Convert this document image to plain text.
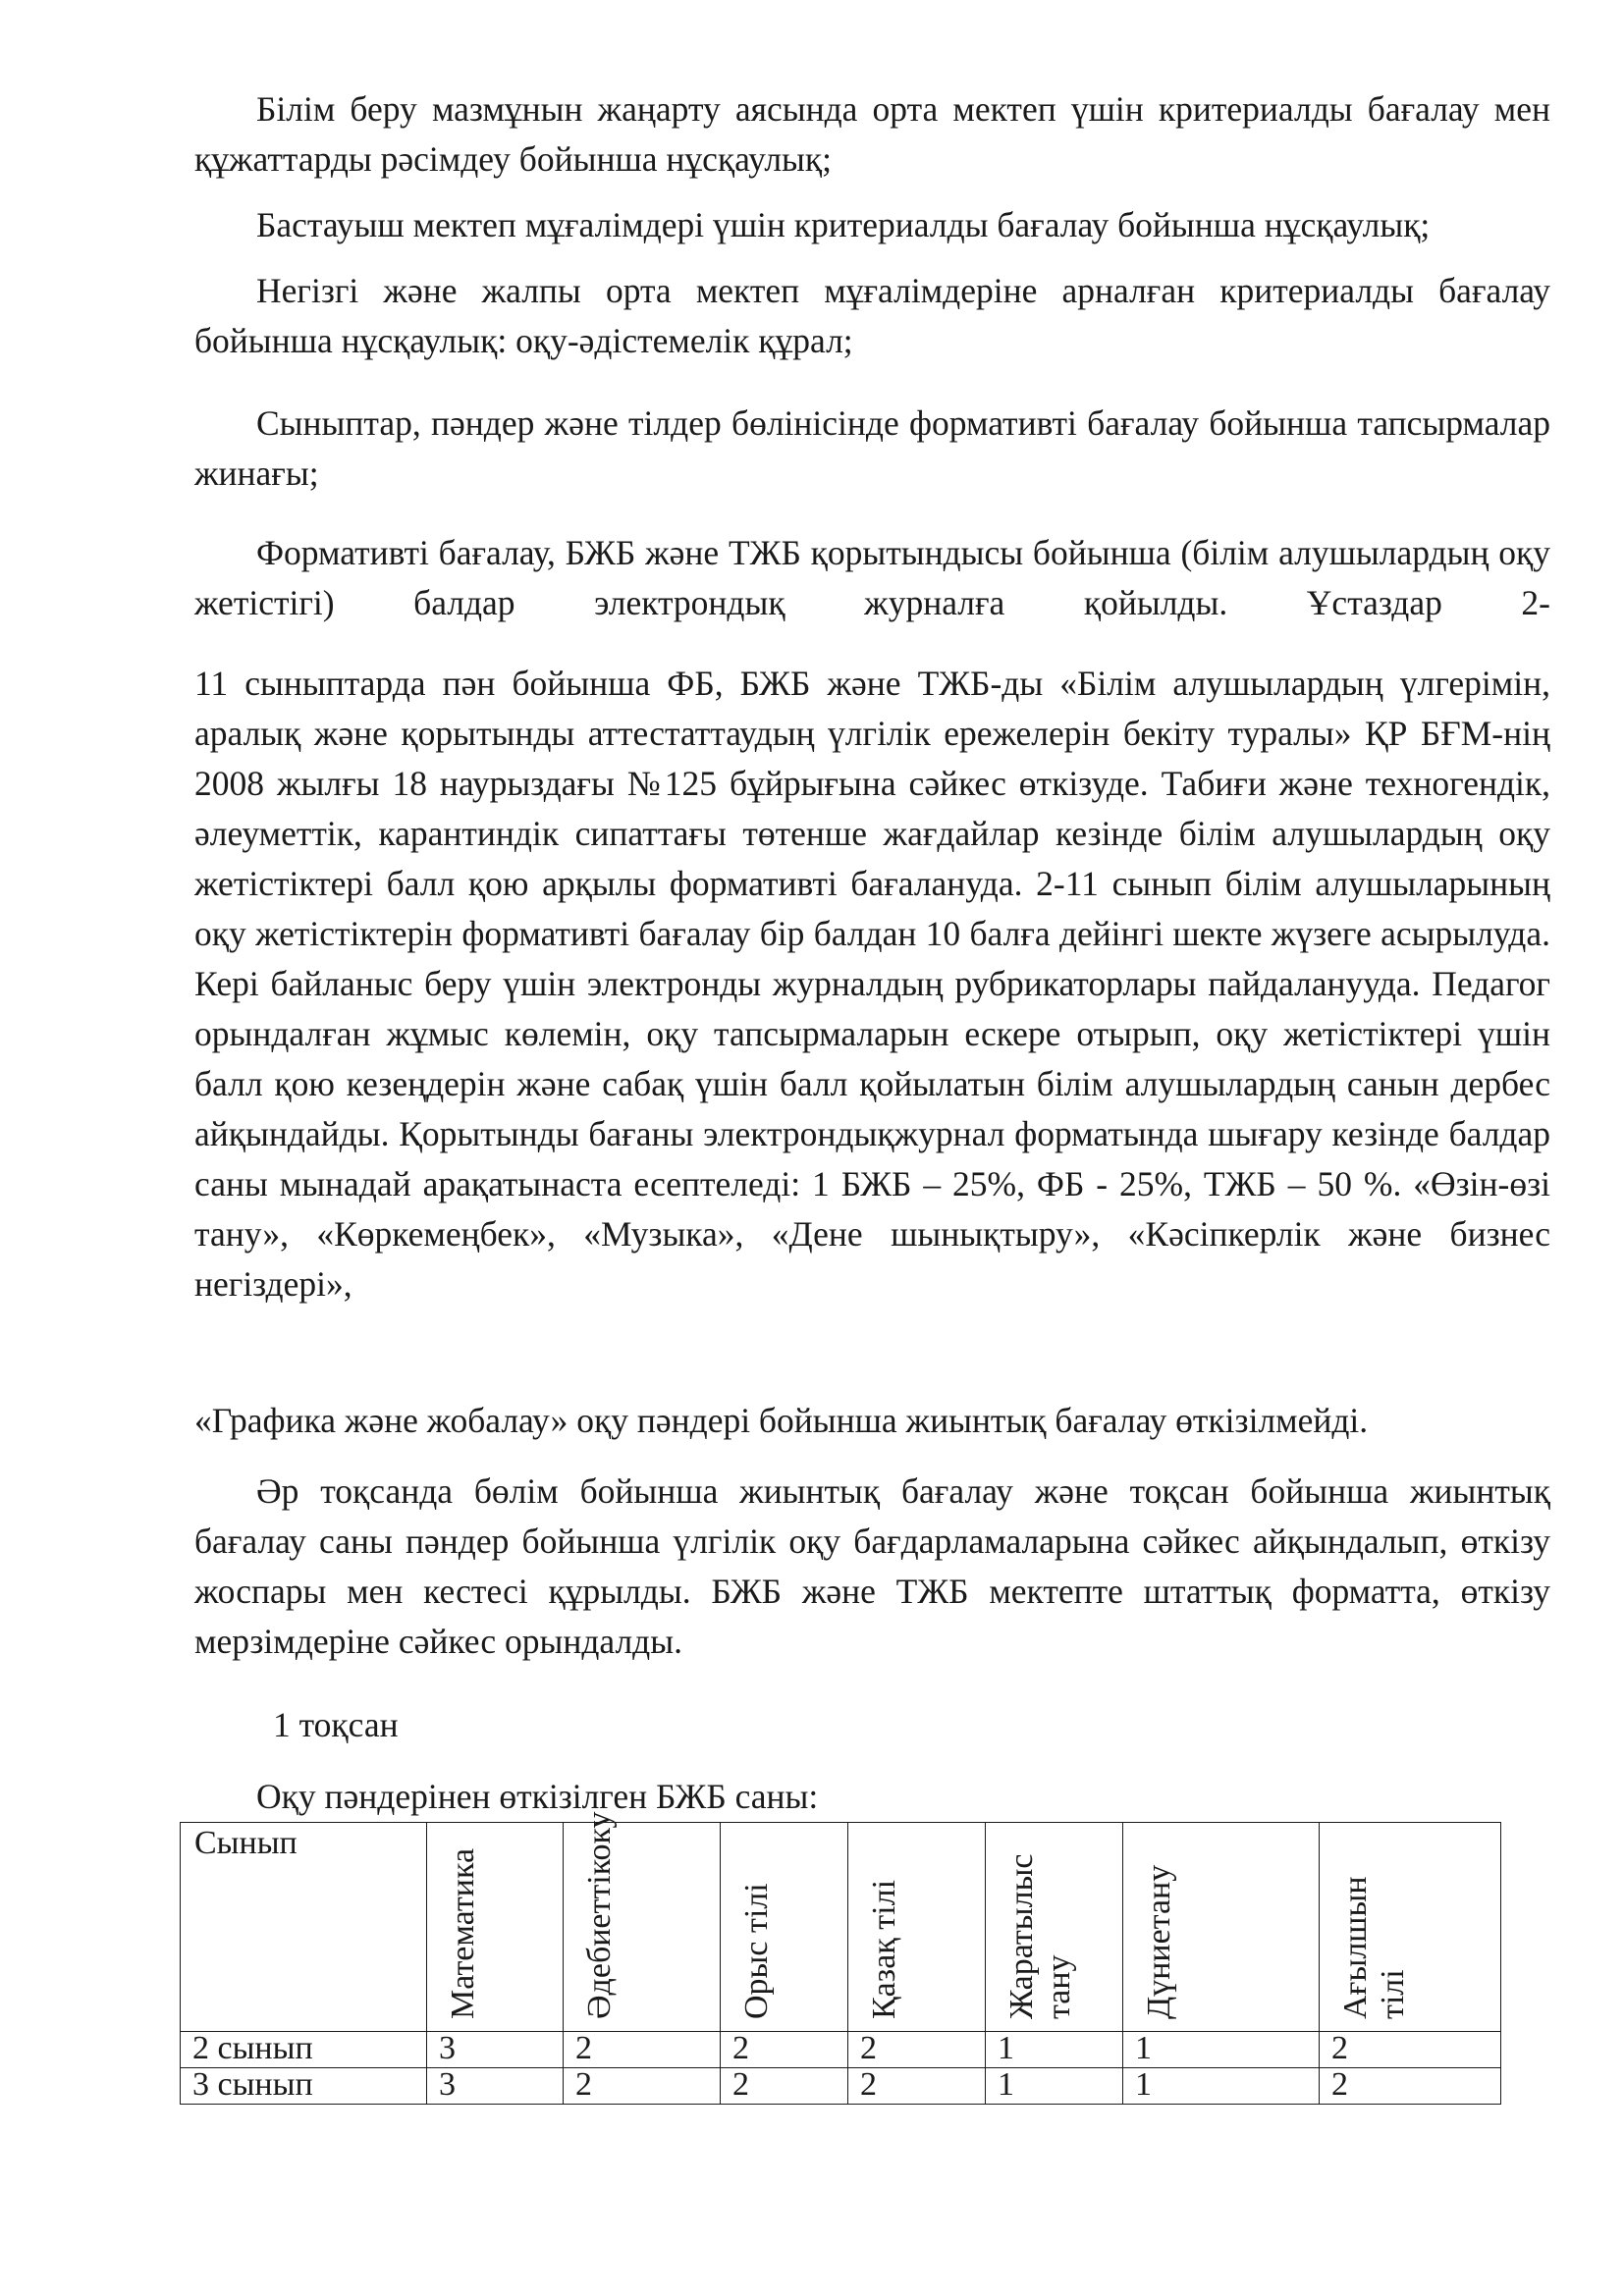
Білім беру мазмұнын жаңарту аясында орта мектеп үшін критериалды бағалау мен құжаттарды рәсімдеу бойынша нұсқаулық;

Бастауыш мектеп мұғалімдері үшін критериалды бағалау бойынша нұсқаулық;

Негізгі және жалпы орта мектеп мұғалімдеріне арналған критериалды бағалау бойынша нұсқаулық: оқу-әдістемелік құрал;

Сыныптар, пәндер және тілдер бөлінісінде формативті бағалау бойынша тапсырмалар жинағы;

Формативті бағалау, БЖБ және ТЖБ қорытындысы бойынша (білім алушылардың оқу жетістігі) балдар электрондық журналға қойылды. Ұстаздар 2-

11 сыныптарда пән бойынша ФБ, БЖБ және ТЖБ-ды «Білім алушылардың үлгерімін, аралық және қорытынды аттестаттаудың үлгілік ережелерін бекіту туралы» ҚР БҒМ-нің 2008 жылғы 18 наурыздағы №125 бұйрығына сәйкес өткізуде. Табиғи және техногендік, әлеуметтік, карантиндік сипаттағы төтенше жағдайлар кезінде білім алушылардың оқу жетістіктері балл қою арқылы формативті бағалануда. 2-11 сынып білім алушыларының оқу жетістіктерін формативті бағалау бір балдан 10 балға дейінгі шекте жүзеге асырылуда. Кері байланыс беру үшін электронды журналдың рубрикаторлары пайдаланууда. Педагог орындалған жұмыс көлемін, оқу тапсырмаларын ескере отырып, оқу жетістіктері үшін балл қою кезеңдерін және сабақ үшін балл қойылатын білім алушылардың санын дербес айқындайды. Қорытынды бағаны электрондықжурнал форматында шығару кезінде балдар саны мынадай арақатынаста есептеледі: 1 БЖБ – 25%, ФБ - 25%, ТЖБ – 50 %. «Өзін-өзі тану», «Көркемеңбек», «Музыка», «Дене шынықтыру», «Кәсіпкерлік және бизнес негіздері»,

«Графика және жобалау» оқу пәндері бойынша жиынтық бағалау өткізілмейді.

Әр тоқсанда бөлім бойынша жиынтық бағалау және тоқсан бойынша жиынтық бағалау саны пәндер бойынша үлгілік оқу бағдарламаларына сәйкес айқындалып, өткізу жоспары мен кестесі құрылды. БЖБ және ТЖБ мектепте штаттық форматта, өткізу мерзімдеріне сәйкес орындалды.

1 тоқсан

Оқу пәндерінен өткізілген БЖБ саны:

Сынып	Математика	Әдебиеттікоку	Орыс тілі	Қазақ тілі	Жаратылыс тану	Дүниетану	Ағылшын тілі

2 сынып	3	2	2	2	1	1	2
3 сынып	3	2	2	2	1	1	2
